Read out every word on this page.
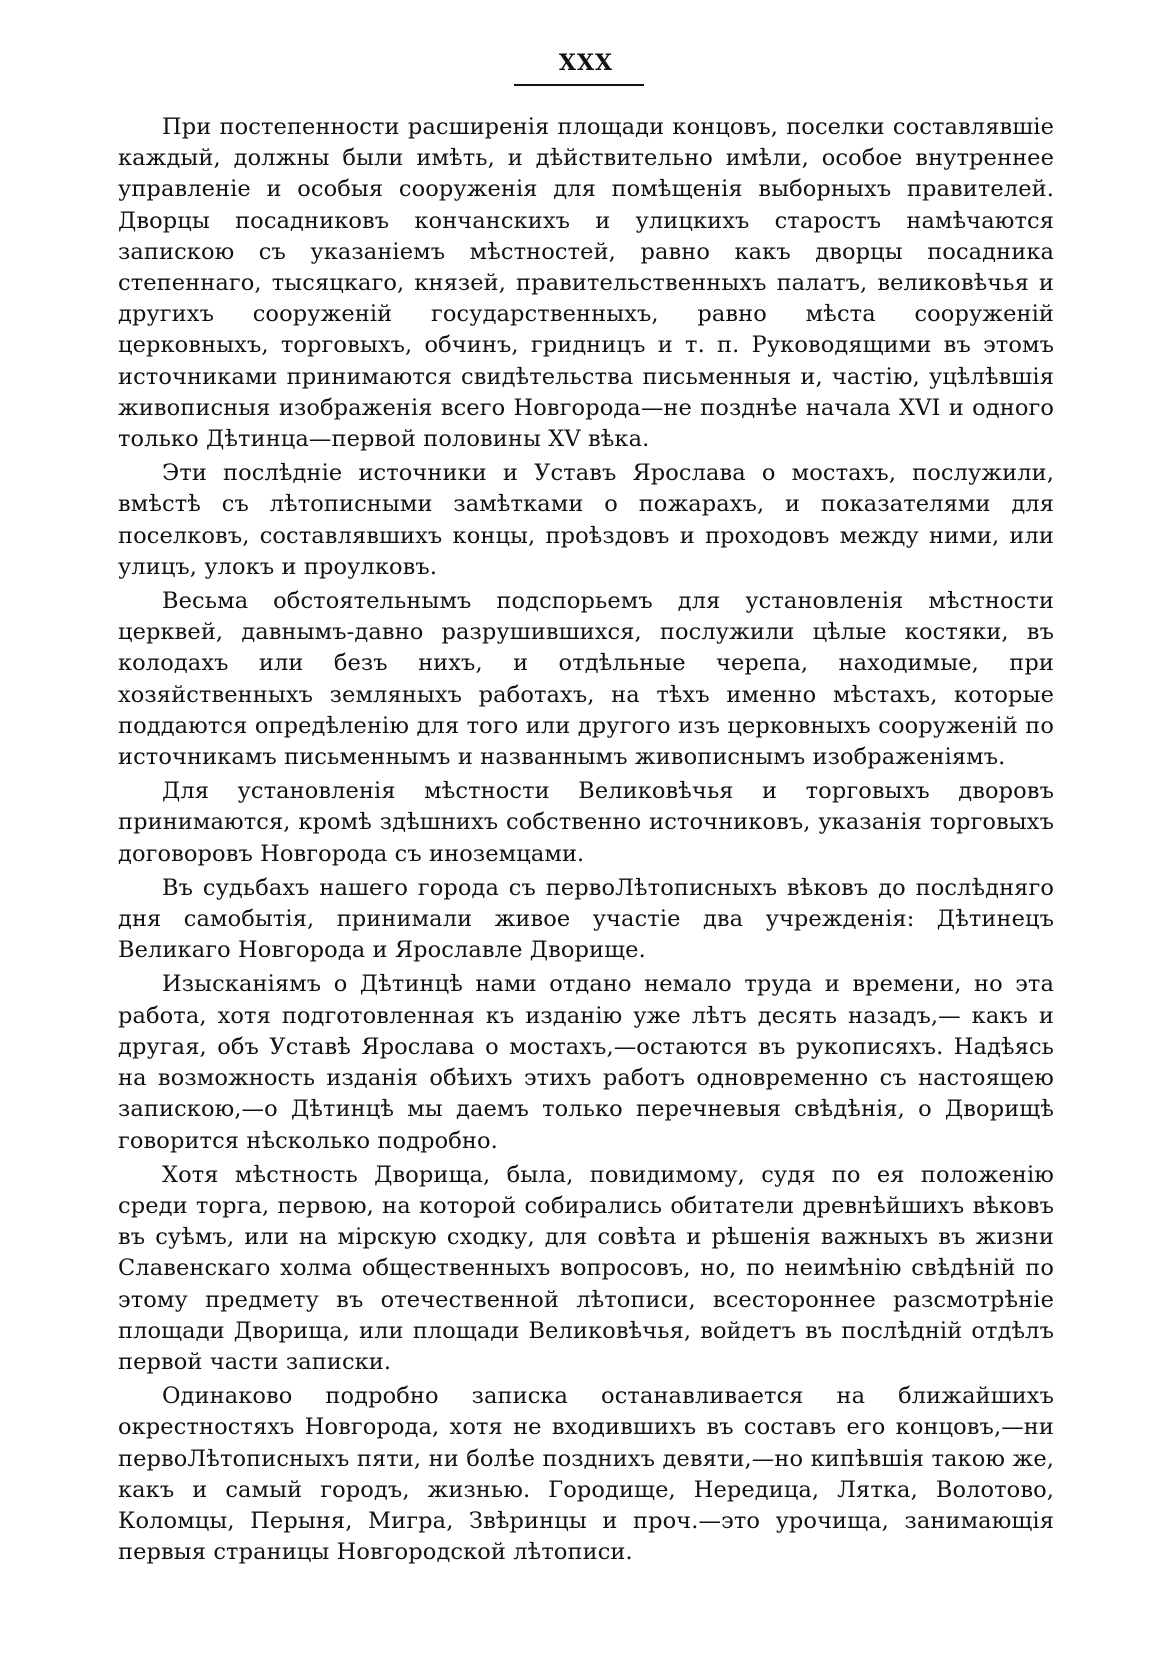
XXX

При постепенности расширенія площади концовъ, поселки составлявшіе каждый, должны были имѣть, и дѣйствительно имѣли, особое внутреннее управленіе и особыя сооруженія для помѣщенія выборныхъ правителей. Дворцы посадниковъ кончанскихъ и улицкихъ старостъ намѣчаются запискою съ указаніемъ мѣстностей, равно какъ дворцы посадника степеннаго, тысяцкаго, князей, правительственныхъ палатъ, великовѣчья и другихъ сооруженій государственныхъ, равно мѣста сооруженій церковныхъ, торговыхъ, обчинъ, гридницъ и т. п. Руководящими въ этомъ источниками принимаются свидѣтельства письменныя и, частію, уцѣлѣвшія живописныя изображенія всего Новгорода—не позднѣе начала XVI и одного только Дѣтинца—первой половины XV вѣка.

Эти послѣдніе источники и Уставъ Ярослава о мостахъ, послужили, вмѣстѣ съ лѣтописными замѣтками о пожарахъ, и показателями для поселковъ, составлявшихъ концы, проѣздовъ и проходовъ между ними, или улицъ, улокъ и проулковъ.

Весьма обстоятельнымъ подспорьемъ для установленія мѣстности церквей, давнымъ-давно разрушившихся, послужили цѣлые костяки, въ колодахъ или безъ нихъ, и отдѣльные черепа, находимые, при хозяйственныхъ земляныхъ работахъ, на тѣхъ именно мѣстахъ, которые поддаются опредѣленію для того или другого изъ церковныхъ сооруженій по источникамъ письменнымъ и названнымъ живописнымъ изображеніямъ.

Для установленія мѣстности Великовѣчья и торговыхъ дворовъ принимаются, кромѣ здѣшнихъ собственно источниковъ, указанія торговыхъ договоровъ Новгорода съ иноземцами.

Въ судьбахъ нашего города съ первоЛѣтописныхъ вѣковъ до послѣдняго дня самобытія, принимали живое участіе два учрежденія: Дѣтинецъ Великаго Новгорода и Ярославле Дворище.

Изысканіямъ о Дѣтинцѣ нами отдано немало труда и времени, но эта работа, хотя подготовленная къ изданію уже лѣтъ десять назадъ,— какъ и другая, объ Уставѣ Ярослава о мостахъ,—остаются въ рукописяхъ. Надѣясь на возможность изданія обѣихъ этихъ работъ одновременно съ настоящею запискою,—о Дѣтинцѣ мы даемъ только перечневыя свѣдѣнія, о Дворищѣ говорится нѣсколько подробно.

Хотя мѣстность Дворища, была, повидимому, судя по ея положенію среди торга, первою, на которой собирались обитатели древнѣйшихъ вѣковъ въ суѣмъ, или на мірскую сходку, для совѣта и рѣшенія важныхъ въ жизни Славенскаго холма общественныхъ вопросовъ, но, по неимѣнію свѣдѣній по этому предмету въ отечественной лѣтописи, всестороннее разсмотрѣніе площади Дворища, или площади Великовѣчья, войдетъ въ послѣдній отдѣлъ первой части записки.

Одинаково подробно записка останавливается на ближайшихъ окрестностяхъ Новгорода, хотя не входившихъ въ составъ его концовъ,—ни первоЛѣтописныхъ пяти, ни болѣе позднихъ девяти,—но кипѣвшія такою же, какъ и самый городъ, жизнью. Городище, Нередица, Лятка, Волотово, Коломцы, Перыня, Мигра, Звѣринцы и проч.—это урочища, занимающія первыя страницы Новгородской лѣтописи.
